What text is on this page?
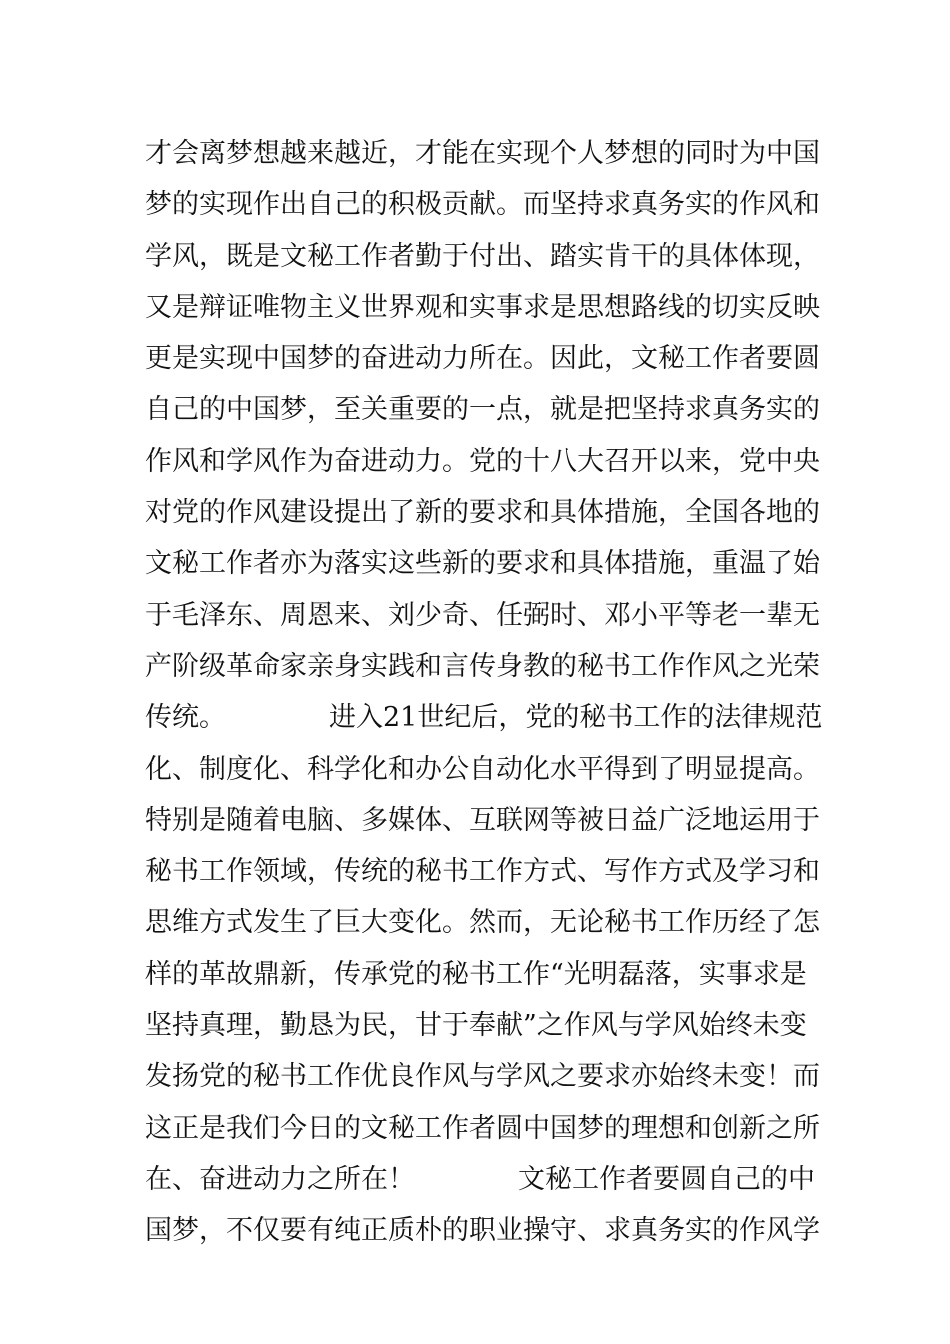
才会离梦想越来越近，才能在实现个人梦想的同时为中国
梦的实现作出自己的积极贡献。而坚持求真务实的作风和
学风，既是文秘工作者勤于付出、踏实肯干的具体体现，
又是辩证唯物主义世界观和实事求是思想路线的切实反映
更是实现中国梦的奋进动力所在。因此，文秘工作者要圆
自己的中国梦，至关重要的一点，就是把坚持求真务实的
作风和学风作为奋进动力。党的十八大召开以来，党中央
对党的作风建设提出了新的要求和具体措施，全国各地的
文秘工作者亦为落实这些新的要求和具体措施，重温了始
于毛泽东、周恩来、刘少奇、任弼时、邓小平等老一辈无
产阶级革命家亲身实践和言传身教的秘书工作作风之光荣
传统。            进入21世纪后，党的秘书工作的法律规范
化、制度化、科学化和办公自动化水平得到了明显提高。
特别是随着电脑、多媒体、互联网等被日益广泛地运用于
秘书工作领域，传统的秘书工作方式、写作方式及学习和
思维方式发生了巨大变化。然而，无论秘书工作历经了怎
样的革故鼎新，传承党的秘书工作“光明磊落，实事求是
坚持真理，勤恳为民，甘于奉献”之作风与学风始终未变
发扬党的秘书工作优良作风与学风之要求亦始终未变！而
这正是我们今日的文秘工作者圆中国梦的理想和创新之所
在、奋进动力之所在！            文秘工作者要圆自己的中
国梦，不仅要有纯正质朴的职业操守、求真务实的作风学
